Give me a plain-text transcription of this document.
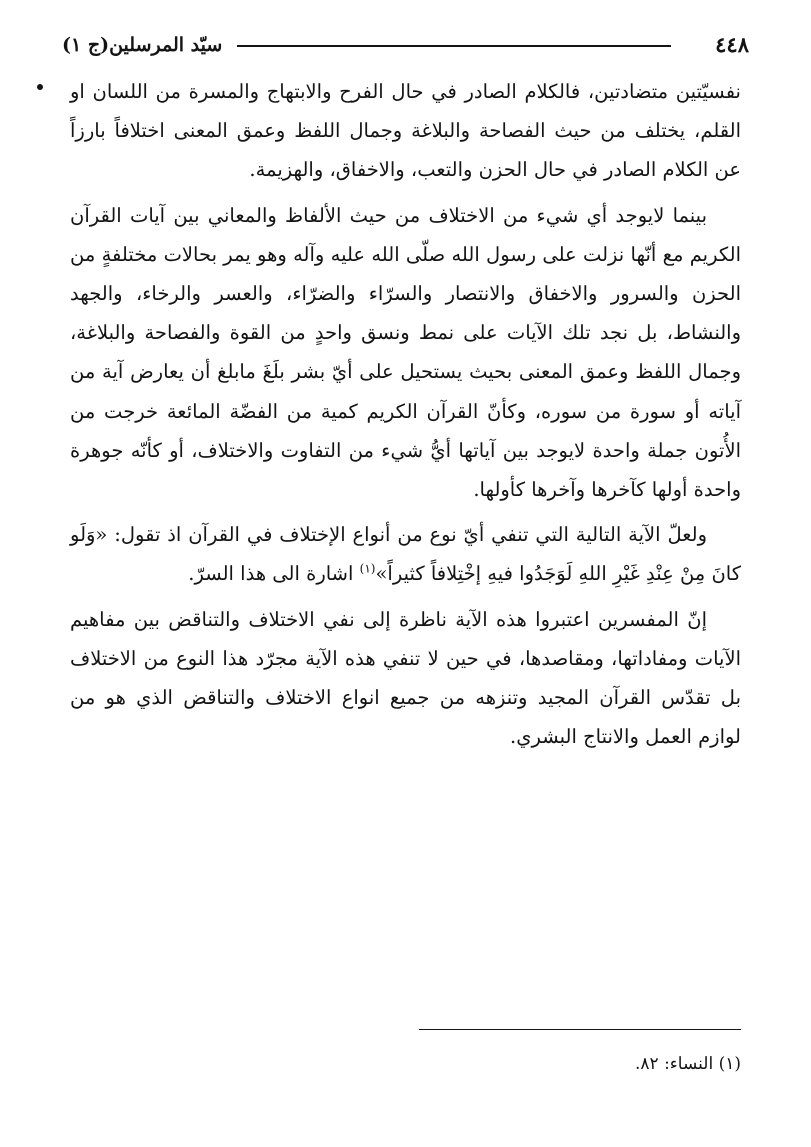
٤٤٨
سيّد المرسلين(ج ١)

نفسيّتين متضادتين، فالكلام الصادر في حال الفرح والابتهاج والمسرة من اللسان او القلم، يختلف من حيث الفصاحة والبلاغة وجمال اللفظ وعمق المعنى اختلافاً بارزاً عن الكلام الصادر في حال الحزن والتعب، والاخفاق، والهزيمة.

بينما لايوجد أي شيء من الاختلاف من حيث الألفاظ والمعاني بين آيات القرآن الكريم مع أنّها نزلت على رسول الله صلّى الله عليه وآله وهو يمر بحالات مختلفةٍ من الحزن والسرور والاخفاق والانتصار والسرّاء والضرّاء، والعسر والرخاء، والجهد والنشاط، بل نجد تلك الآيات على نمط ونسق واحدٍ من القوة والفصاحة والبلاغة، وجمال اللفظ وعمق المعنى بحيث يستحيل على أيّ بشر بلَغَ مابلغ أن يعارض آية من آياته أو سورة من سوره، وكأنّ القرآن الكريم كمية من الفضّة المائعة خرجت من الأُتون جملة واحدة لايوجد بين آياتها أيُّ شيء من التفاوت والاختلاف، أو كأنّه جوهرة واحدة أولها كآخرها وآخرها كأولها.

ولعلّ الآية التالية التي تنفي أيّ نوع من أنواع الإختلاف في القرآن اذ تقول: «وَلَو كانَ مِنْ عِنْدِ غَيْرِ اللهِ لَوَجَدُوا فيهِ إخْتِلافاً كثيراً»$^{(١)}$ اشارة الى هذا السرّ.

إنّ المفسرين اعتبروا هذه الآية ناظرة إلى نفي الاختلاف والتناقض بين مفاهيم الآيات ومفاداتها، ومقاصدها، في حين لا تنفي هذه الآية مجرّد هذا النوع من الاختلاف بل تقدّس القرآن المجيد وتنزهه من جميع انواع الاختلاف والتناقض الذي هو من لوازم العمل والانتاج البشري.

(١) النساء: ٨٢.
